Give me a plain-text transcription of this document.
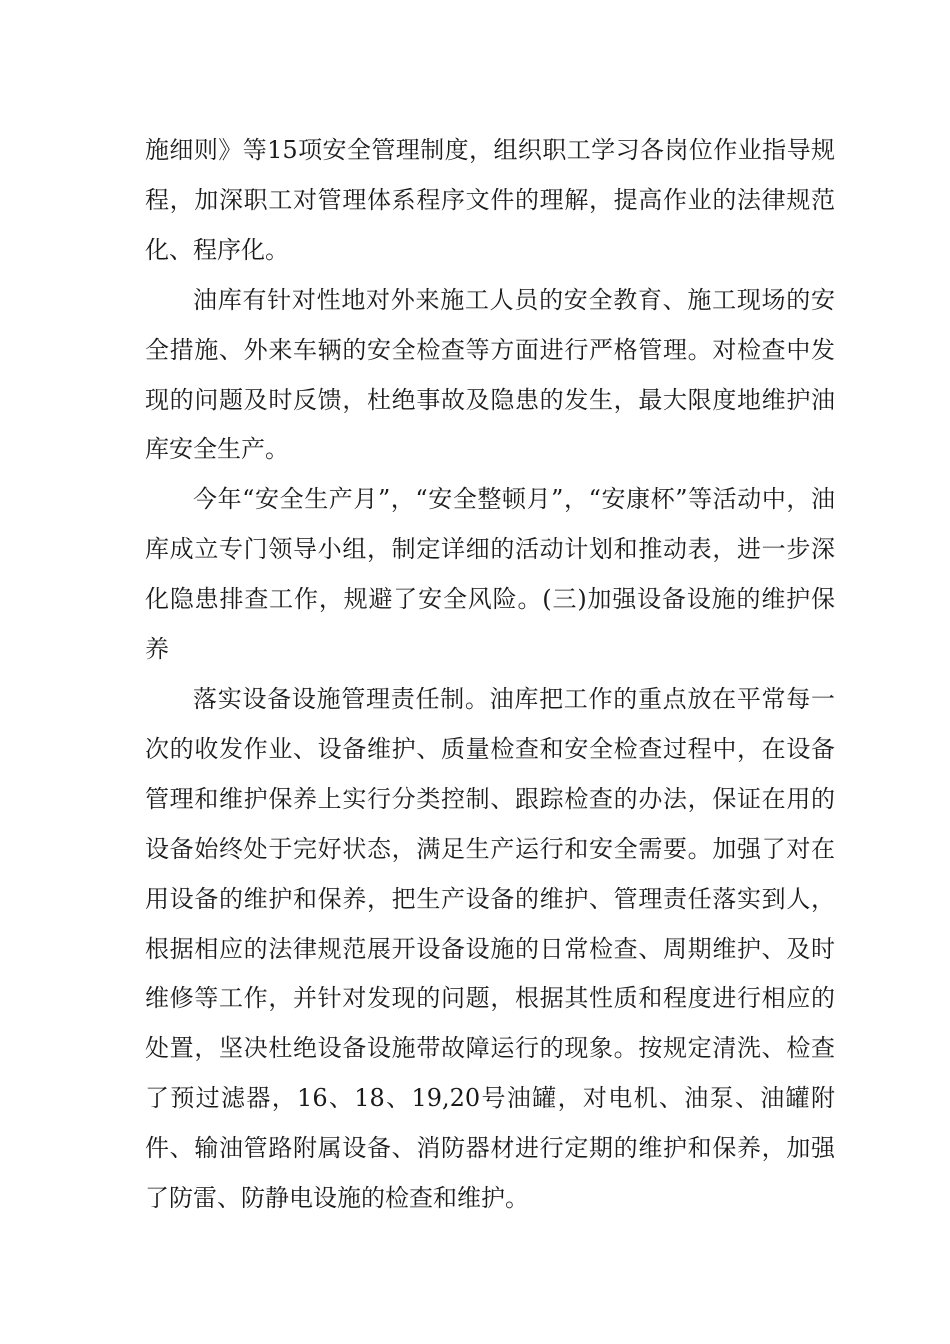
施细则》等15项安全管理制度，组织职工学习各岗位作业指导规程，加深职工对管理体系程序文件的理解，提高作业的法律规范化、程序化。

油库有针对性地对外来施工人员的安全教育、施工现场的安全措施、外来车辆的安全检查等方面进行严格管理。对检查中发现的问题及时反馈，杜绝事故及隐患的发生，最大限度地维护油库安全生产。

今年“安全生产月”，“安全整顿月”，“安康杯”等活动中，油库成立专门领导小组，制定详细的活动计划和推动表，进一步深化隐患排查工作，规避了安全风险。(三)加强设备设施的维护保养

落实设备设施管理责任制。油库把工作的重点放在平常每一次的收发作业、设备维护、质量检查和安全检查过程中，在设备管理和维护保养上实行分类控制、跟踪检查的办法，保证在用的设备始终处于完好状态，满足生产运行和安全需要。加强了对在用设备的维护和保养，把生产设备的维护、管理责任落实到人，根据相应的法律规范展开设备设施的日常检查、周期维护、及时维修等工作，并针对发现的问题，根据其性质和程度进行相应的处置，坚决杜绝设备设施带故障运行的现象。按规定清洗、检查了预过滤器，16、18、19,20号油罐，对电机、油泵、油罐附件、输油管路附属设备、消防器材进行定期的维护和保养，加强了防雷、防静电设施的检查和维护。
